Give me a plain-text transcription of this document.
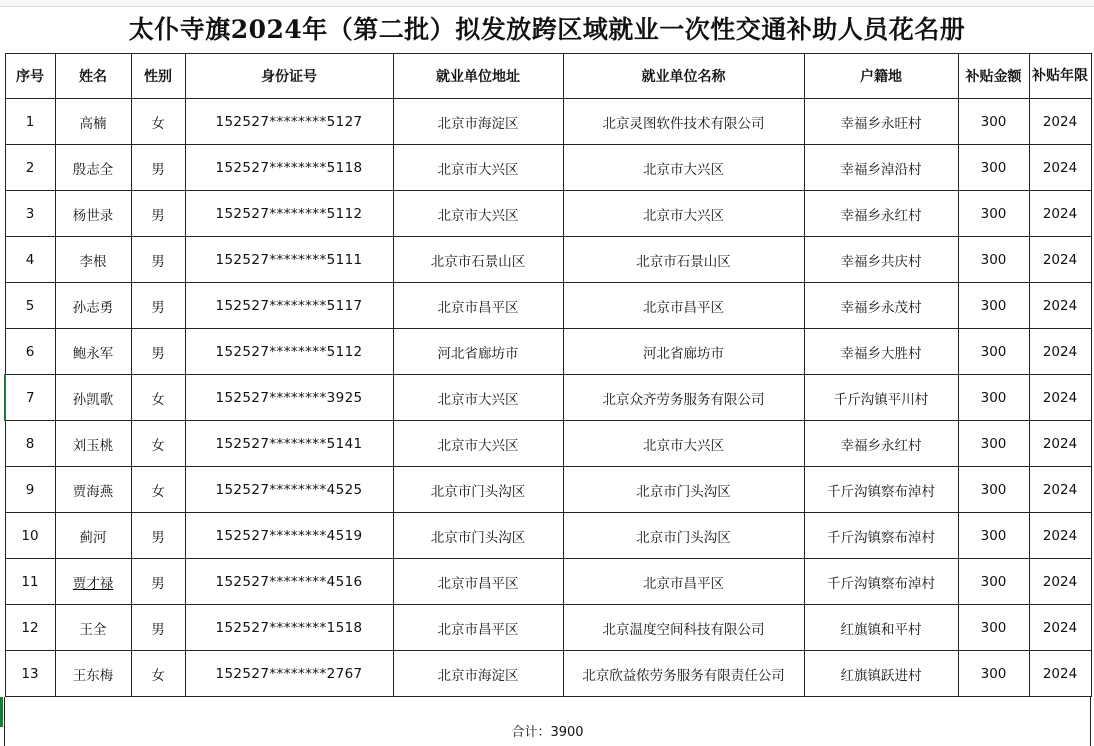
太仆寺旗2024年（第二批）拟发放跨区域就业一次性交通补助人员花名册
序号	姓名	性别	身份证号	就业单位地址	就业单位名称	户籍地	补贴金额	补贴年限
1	高楠	女	152527********5127	北京市海淀区	北京灵图软件技术有限公司	幸福乡永旺村	300	2024
2	殷志全	男	152527********5118	北京市大兴区	北京市大兴区	幸福乡淖沿村	300	2024
3	杨世录	男	152527********5112	北京市大兴区	北京市大兴区	幸福乡永红村	300	2024
4	李根	男	152527********5111	北京市石景山区	北京市石景山区	幸福乡共庆村	300	2024
5	孙志勇	男	152527********5117	北京市昌平区	北京市昌平区	幸福乡永茂村	300	2024
6	鲍永军	男	152527********5112	河北省廊坊市	河北省廊坊市	幸福乡大胜村	300	2024
7	孙凯歌	女	152527********3925	北京市大兴区	北京众齐劳务服务有限公司	千斤沟镇平川村	300	2024
8	刘玉桃	女	152527********5141	北京市大兴区	北京市大兴区	幸福乡永红村	300	2024
9	贾海燕	女	152527********4525	北京市门头沟区	北京市门头沟区	千斤沟镇察布淖村	300	2024
10	蓟河	男	152527********4519	北京市门头沟区	北京市门头沟区	千斤沟镇察布淖村	300	2024
11	贾才禄	男	152527********4516	北京市昌平区	北京市昌平区	千斤沟镇察布淖村	300	2024
12	王全	男	152527********1518	北京市昌平区	北京温度空间科技有限公司	红旗镇和平村	300	2024
13	王东梅	女	152527********2767	北京市海淀区	北京欣益侬劳务服务有限责任公司	红旗镇跃进村	300	2024
合计：3900
